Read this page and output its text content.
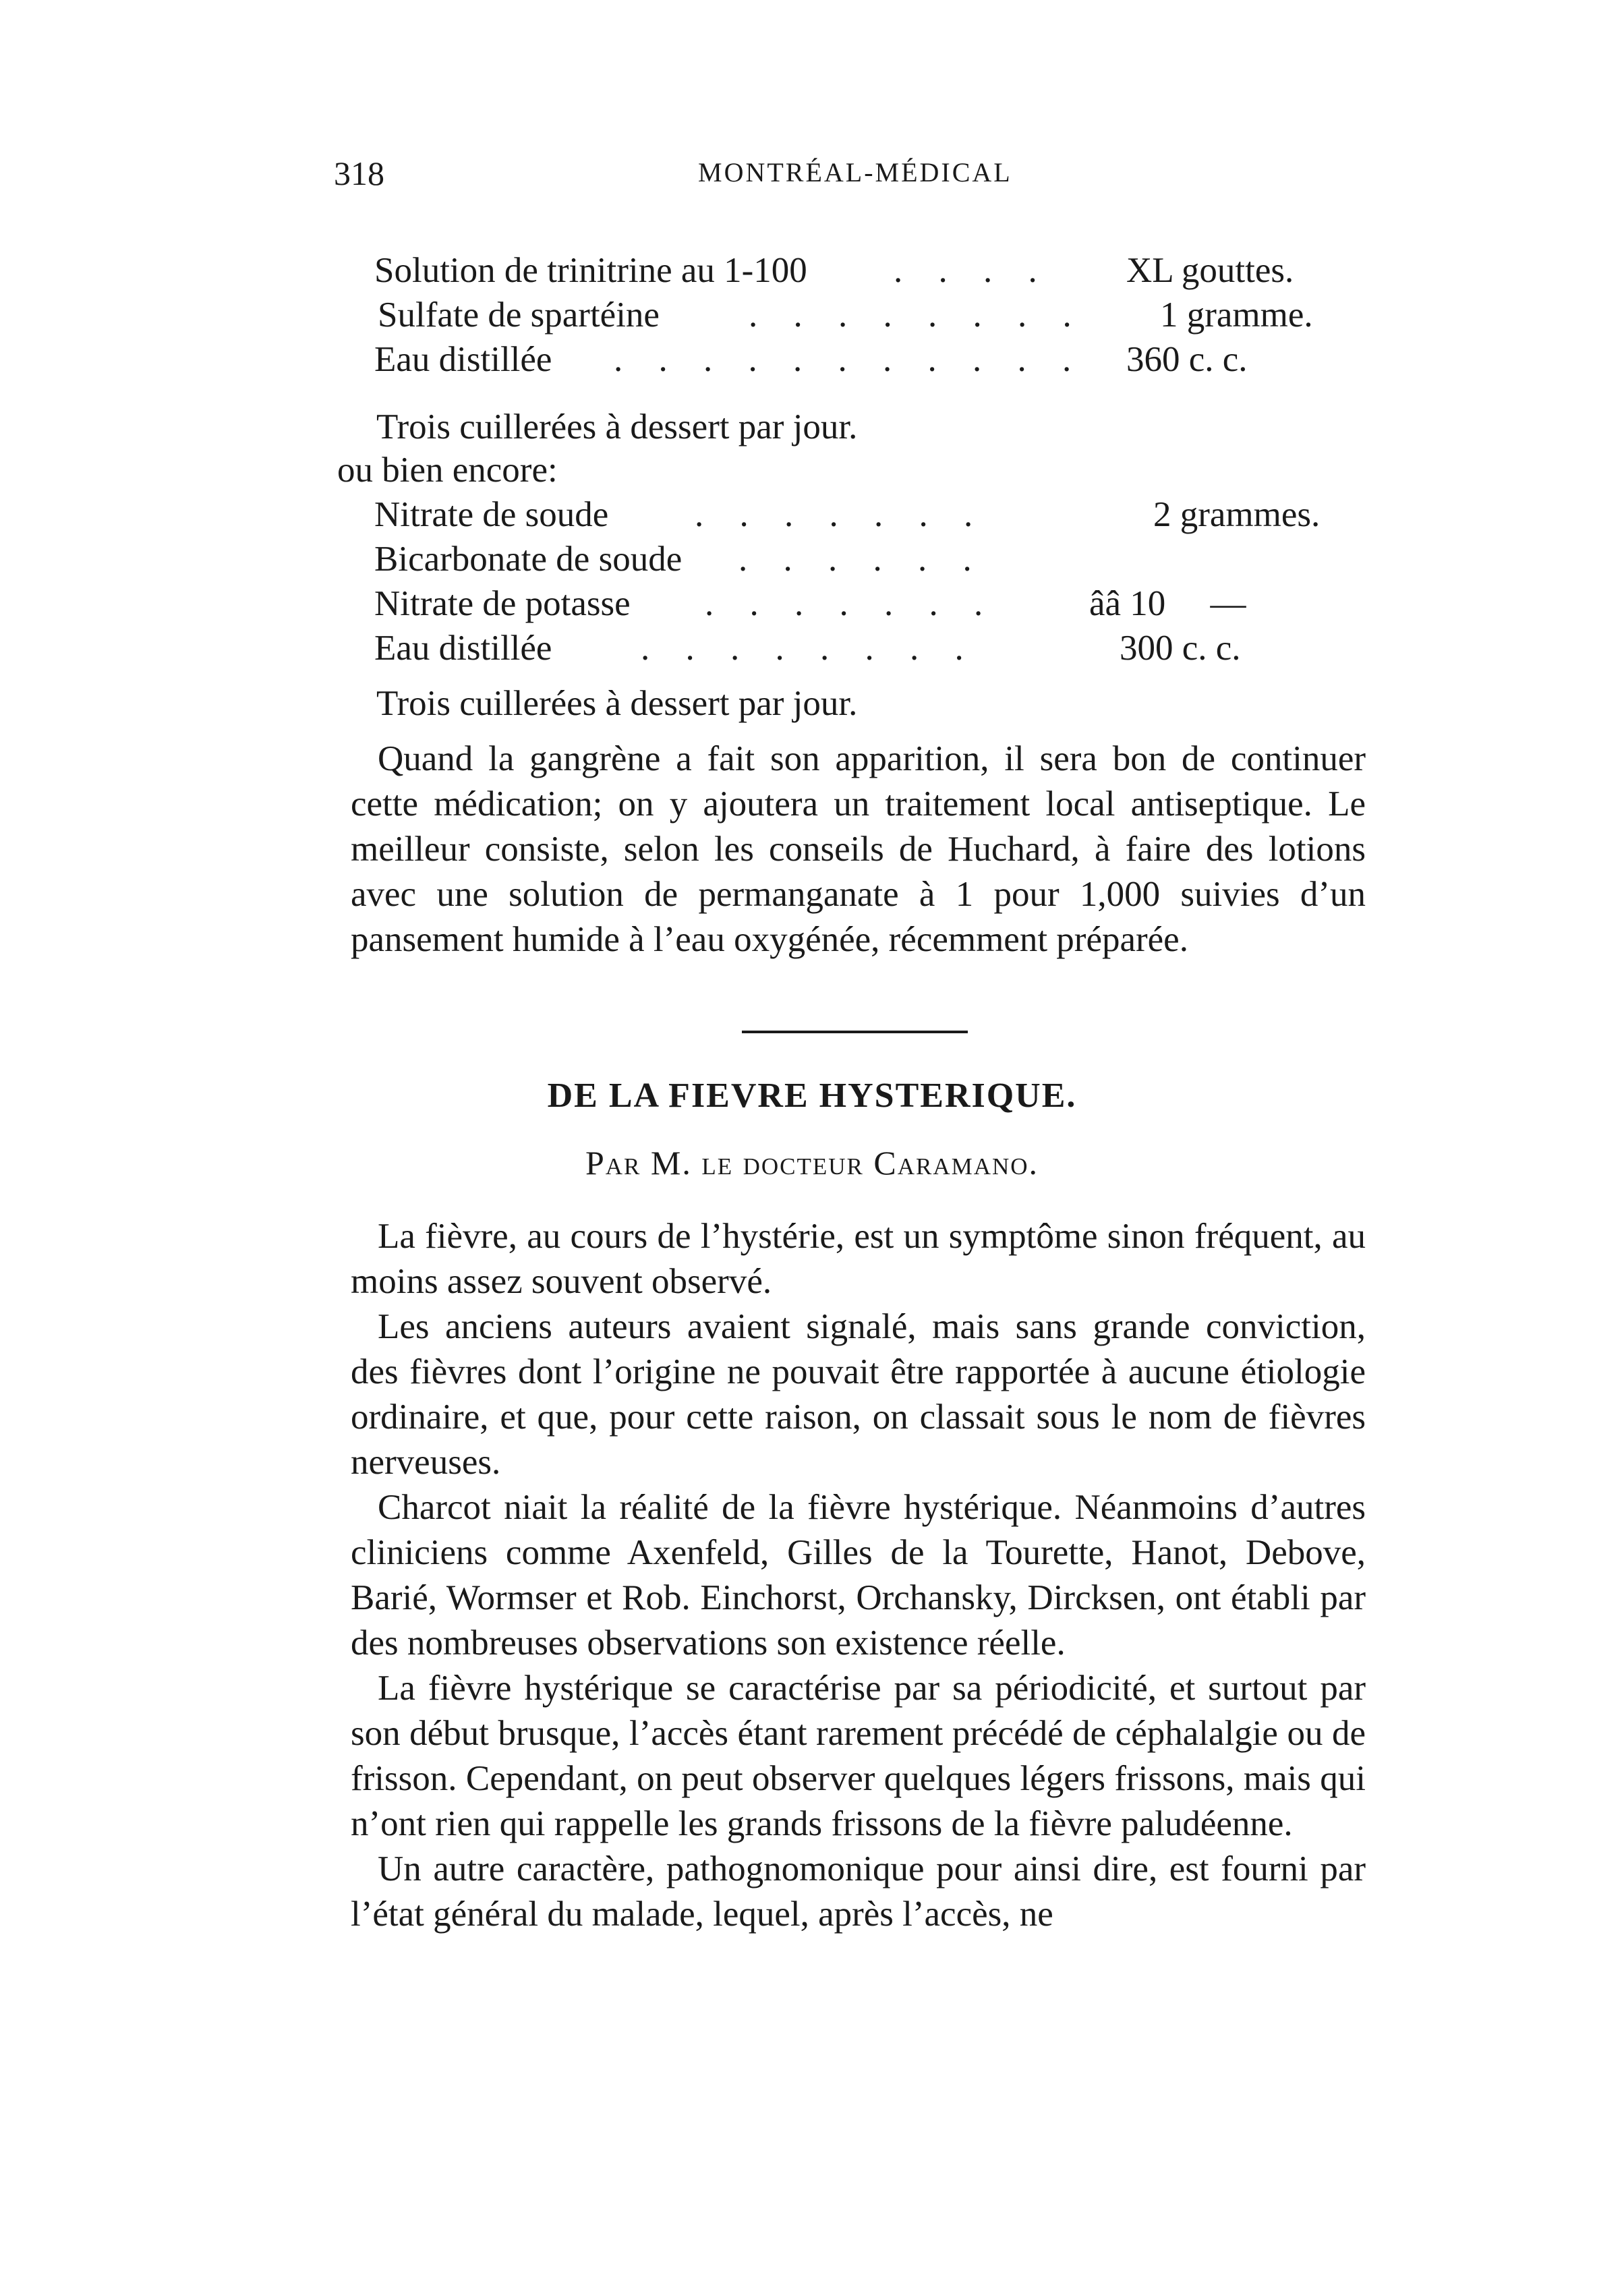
318	MONTRÉAL-MÉDICAL
Solution de trinitrine au 1-100 . . . . XL gouttes.
Sulfate de spartéine . . . . . . . . 1 gramme.
Eau distillée . . . . . . . . . . . 360 c. c.
Trois cuillerées à dessert par jour.
ou bien encore:
Nitrate de soude . . . . . . .	2 grammes.
Bicarbonate de soude . . . . . .
Nitrate de potasse . . . . . . .	ââ 10     —
Eau distillée . . . . . . . .	300 c. c.
Trois cuillerées à dessert par jour.

Quand la gangrène a fait son apparition, il sera bon de continuer cette médication; on y ajoutera un traitement local antiseptique. Le meilleur consiste, selon les conseils de Huchard, à faire des lotions avec une solution de permanganate à 1 pour 1,000 suivies d’un pansement humide à l’eau oxygénée, récemment préparée.

DE LA FIEVRE HYSTERIQUE.
Par M. le docteur Caramano.

La fièvre, au cours de l’hystérie, est un symptôme sinon fréquent, au moins assez souvent observé.

Les anciens auteurs avaient signalé, mais sans grande conviction, des fièvres dont l’origine ne pouvait être rapportée à aucune étiologie ordinaire, et que, pour cette raison, on classait sous le nom de fièvres nerveuses.

Charcot niait la réalité de la fièvre hystérique. Néanmoins d’autres cliniciens comme Axenfeld, Gilles de la Tourette, Hanot, Debove, Barié, Wormser et Rob. Einchorst, Orchansky, Dircksen, ont établi par des nombreuses observations son existence réelle.

La fièvre hystérique se caractérise par sa périodicité, et surtout par son début brusque, l’accès étant rarement précédé de céphalalgie ou de frisson. Cependant, on peut observer quelques légers frissons, mais qui n’ont rien qui rappelle les grands frissons de la fièvre paludéenne.

Un autre caractère, pathognomonique pour ainsi dire, est fourni par l’état général du malade, lequel, après l’accès, ne
